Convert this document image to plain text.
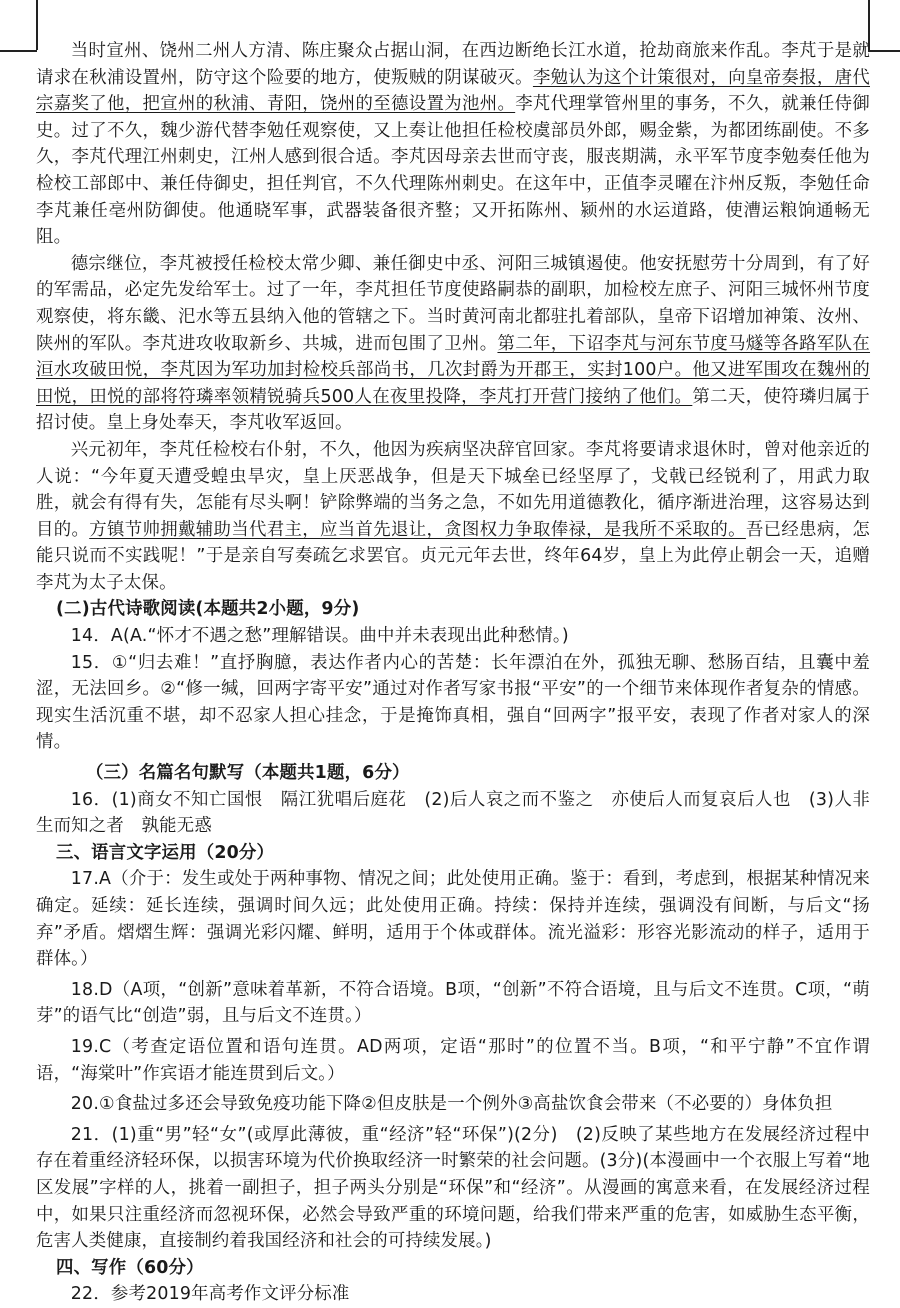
当时宣州、饶州二州人方清、陈庄聚众占据山洞，在西边断绝长江水道，抢劫商旅来作乱。李芃于是就请求在秋浦设置州，防守这个险要的地方，使叛贼的阴谋破灭。李勉认为这个计策很对，向皇帝奏报，唐代宗嘉奖了他，把宣州的秋浦、青阳，饶州的至德设置为池州。李芃代理掌管州里的事务，不久，就兼任侍御史。过了不久，魏少游代替李勉任观察使，又上奏让他担任检校虞部员外郎，赐金紫，为都团练副使。不多久，李芃代理江州刺史，江州人感到很合适。李芃因母亲去世而守丧，服丧期满，永平军节度李勉奏任他为检校工部郎中、兼任侍御史，担任判官，不久代理陈州刺史。在这年中，正值李灵曜在汴州反叛，李勉任命李芃兼任亳州防御使。他通晓军事，武器装备很齐整；又开拓陈州、颍州的水运道路，使漕运粮饷通畅无阻。

德宗继位，李芃被授任检校太常少卿、兼任御史中丞、河阳三城镇遏使。他安抚慰劳十分周到，有了好的军需品，必定先发给军士。过了一年，李芃担任节度使路嗣恭的副职，加检校左庶子、河阳三城怀州节度观察使，将东畿、汜水等五县纳入他的管辖之下。当时黄河南北都驻扎着部队，皇帝下诏增加神策、汝州、陕州的军队。李芃进攻收取新乡、共城，进而包围了卫州。第二年，下诏李芃与河东节度马燧等各路军队在洹水攻破田悦，李芃因为军功加封检校兵部尚书，几次封爵为开郡王，实封100户。他又进军围攻在魏州的田悦，田悦的部将符璘率领精锐骑兵500人在夜里投降，李芃打开营门接纳了他们。第二天，使符璘归属于招讨使。皇上身处奉天，李芃收军返回。

兴元初年，李芃任检校右仆射，不久，他因为疾病坚决辞官回家。李芃将要请求退休时，曾对他亲近的人说：“今年夏天遭受蝗虫旱灾，皇上厌恶战争，但是天下城垒已经坚厚了，戈戟已经锐利了，用武力取胜，就会有得有失，怎能有尽头啊！铲除弊端的当务之急，不如先用道德教化，循序渐进治理，这容易达到目的。方镇节帅拥戴辅助当代君主，应当首先退让，贪图权力争取俸禄，是我所不采取的。吾已经患病，怎能只说而不实践呢！”于是亲自写奏疏乞求罢官。贞元元年去世，终年64岁，皇上为此停止朝会一天，追赠李芃为太子太保。

(二)古代诗歌阅读(本题共2小题，9分)

14．A(A.“怀才不遇之愁”理解错误。曲中并未表现出此种愁情。)

15．①“归去难！”直抒胸臆，表达作者内心的苦楚：长年漂泊在外，孤独无聊、愁肠百结，且囊中羞涩，无法回乡。②“修一缄，回两字寄平安”通过对作者写家书报“平安”的一个细节来体现作者复杂的情感。现实生活沉重不堪，却不忍家人担心挂念，于是掩饰真相，强自“回两字”报平安，表现了作者对家人的深情。

（三）名篇名句默写（本题共1题，6分）

16．(1)商女不知亡国恨　隔江犹唱后庭花　(2)后人哀之而不鉴之　亦使后人而复哀后人也　(3)人非生而知之者　孰能无惑

三、语言文字运用（20分）

17.A（介于：发生或处于两种事物、情况之间；此处使用正确。鉴于：看到，考虑到，根据某种情况来确定。延续：延长连续，强调时间久远；此处使用正确。持续：保持并连续，强调没有间断，与后文“扬弃”矛盾。熠熠生辉：强调光彩闪耀、鲜明，适用于个体或群体。流光溢彩：形容光影流动的样子，适用于群体。）

18.D（A项，“创新”意味着革新，不符合语境。B项，“创新”不符合语境，且与后文不连贯。C项，“萌芽”的语气比“创造”弱，且与后文不连贯。）

19.C（考查定语位置和语句连贯。AD两项，定语“那时”的位置不当。B项，“和平宁静”不宜作谓语，“海棠叶”作宾语才能连贯到后文。）

20.①食盐过多还会导致免疫功能下降②但皮肤是一个例外③高盐饮食会带来（不必要的）身体负担

21．(1)重“男”轻“女”(或厚此薄彼，重“经济”轻“环保”)(2分)　(2)反映了某些地方在发展经济过程中存在着重经济轻环保，以损害环境为代价换取经济一时繁荣的社会问题。(3分)(本漫画中一个衣服上写着“地区发展”字样的人，挑着一副担子，担子两头分别是“环保”和“经济”。从漫画的寓意来看，在发展经济过程中，如果只注重经济而忽视环保，必然会导致严重的环境问题，给我们带来严重的危害，如威胁生态平衡，危害人类健康，直接制约着我国经济和社会的可持续发展。)

四、写作（60分）

22．参考2019年高考作文评分标准
